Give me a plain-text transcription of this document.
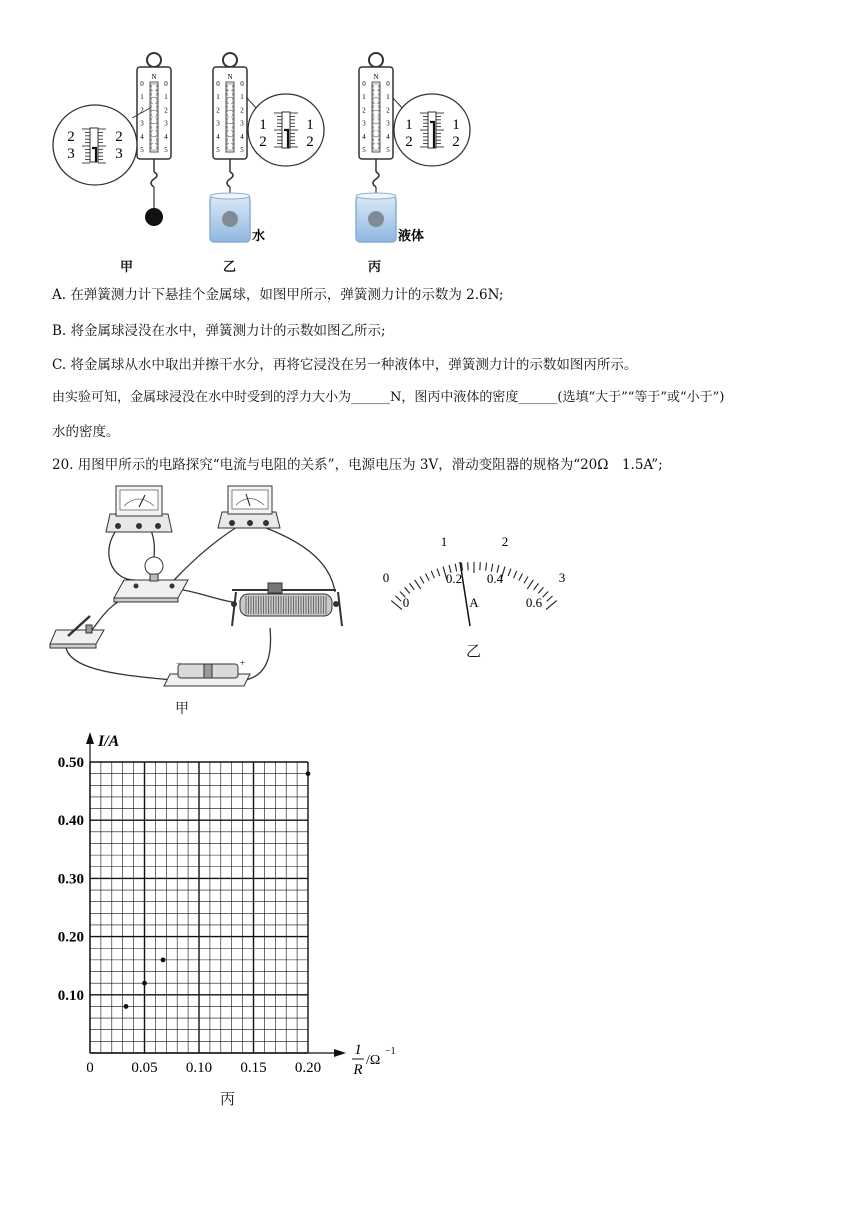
N
0	0
1	1
2	2
3	3
4	4
5	5
2
3
2
3
N
0	0
1	1
2	2
3	3
4	4
5	5
水
1
2
1
2
N
0	0
1	1
2	2
3	3
4	4
5	5
液体
1
2
1
2
甲	乙	丙
A. 在弹簧测力计下悬挂个金属球，如图甲所示，弹簧测力计的示数为 2.6N;
B. 将金属球浸没在水中，弹簧测力计的示数如图乙所示;
C. 将金属球从水中取出并擦干水分，再将它浸没在另一种液体中，弹簧测力计的示数如图丙所示。
由实验可知，金属球浸没在水中时受到的浮力大小为______N，图丙中液体的密度______(选填“大于”“等于”或“小于”)
水的密度。
20. 用图甲所示的电路探究“电流与电阻的关系”，电源电压为 3V，滑动变阻器的规格为“20Ω　1.5A”;
−	+
0
1	2
3
0
0.2 0.4
0.6
A
甲
乙
0.10
0.20
0.30
0.40
0.50
0	0.05 0.10 0.15 0.20
I/A
1
R
/Ω
−1
丙
